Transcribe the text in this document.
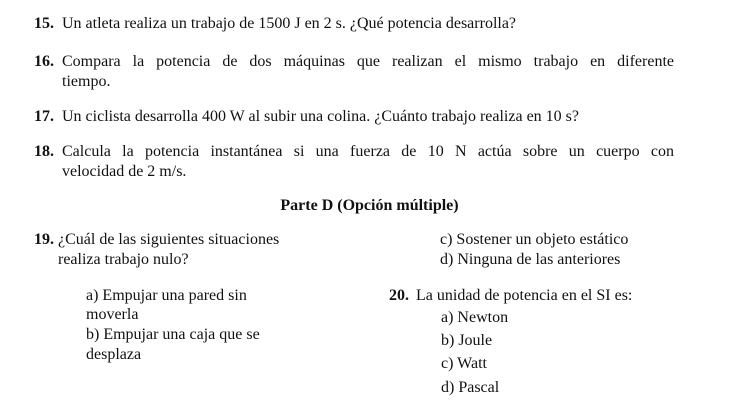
15. Un atleta realiza un trabajo de 1500 J en 2 s. ¿Qué potencia desarrolla?
16. Compara la potencia de dos máquinas que realizan el mismo trabajo en diferente
tiempo.
17. Un ciclista desarrolla 400 W al subir una colina. ¿Cuánto trabajo realiza en 10 s?
18. Calcula la potencia instantánea si una fuerza de 10 N actúa sobre un cuerpo con
velocidad de 2 m/s.
Parte D (Opción múltiple)
19. ¿Cuál de las siguientes situaciones
realiza trabajo nulo?
a) Empujar una pared sin
moverla
b) Empujar una caja que se
desplaza
c) Sostener un objeto estático
d) Ninguna de las anteriores
20. La unidad de potencia en el SI es:
a) Newton
b) Joule
c) Watt
d) Pascal
